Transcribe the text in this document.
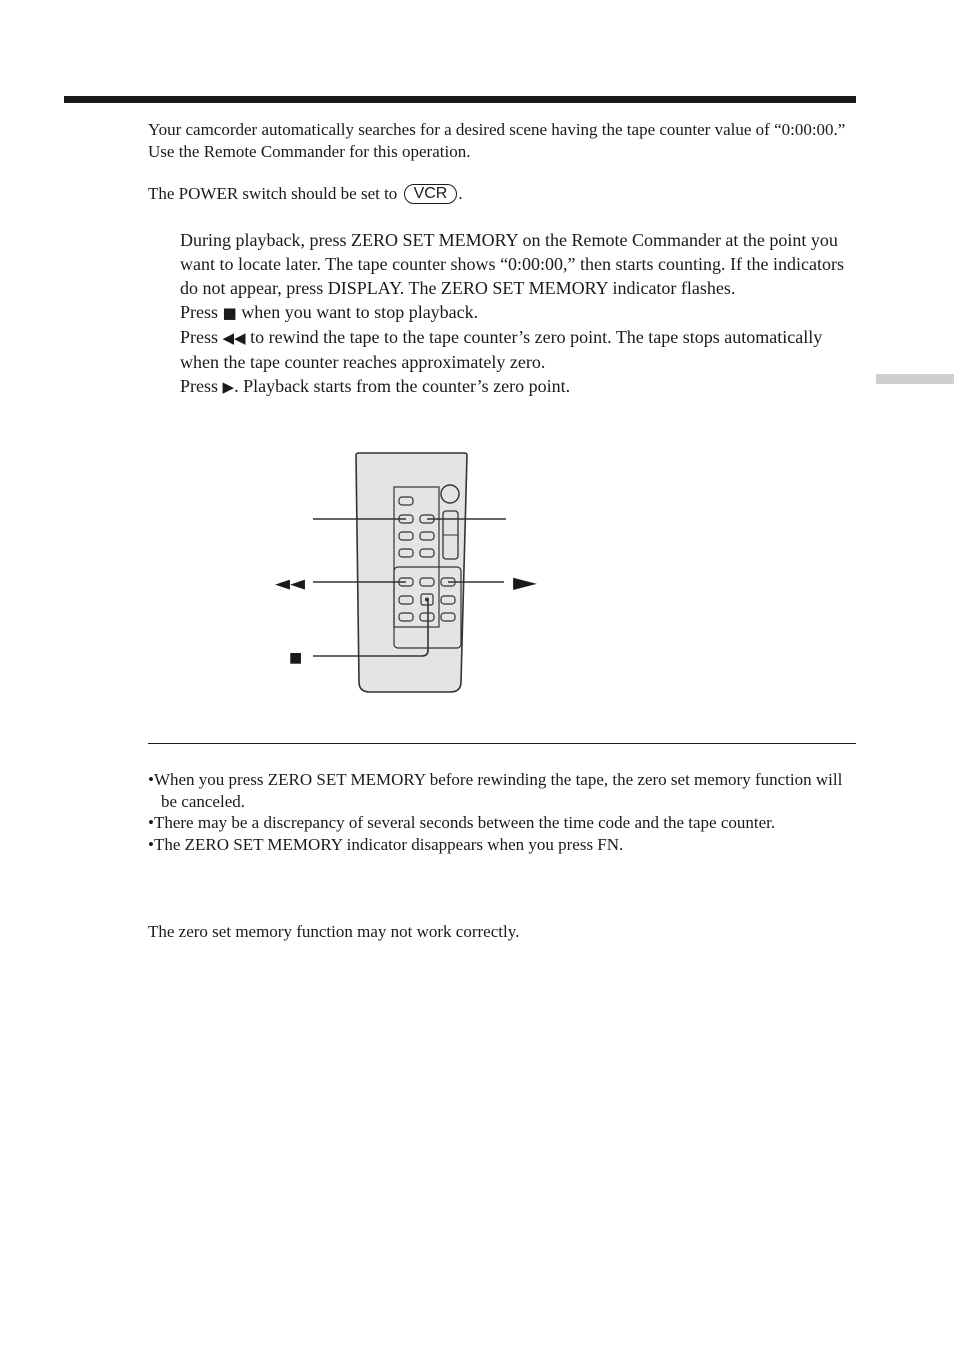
Your camcorder automatically searches for a desired scene having the tape counter value of “0:00:00.” Use the Remote Commander for this operation.
The POWER switch should be set to VCR .
During playback, press ZERO SET MEMORY on the Remote Commander at the point you want to locate later. The tape counter shows “0:00:00,” then starts counting. If the indicators do not appear, press DISPLAY. The ZERO SET MEMORY indicator flashes.
Press ■ when you want to stop playback.
Press ◀◀ to rewind the tape to the tape counter’s zero point. The tape stops automatically when the tape counter reaches approximately zero.
Press ▶. Playback starts from the counter’s zero point.
◀◀	▶
■
•When you press ZERO SET MEMORY before rewinding the tape, the zero set memory function will be canceled.
•There may be a discrepancy of several seconds between the time code and the tape counter.
•The ZERO SET MEMORY indicator disappears when you press FN.
The zero set memory function may not work correctly.
